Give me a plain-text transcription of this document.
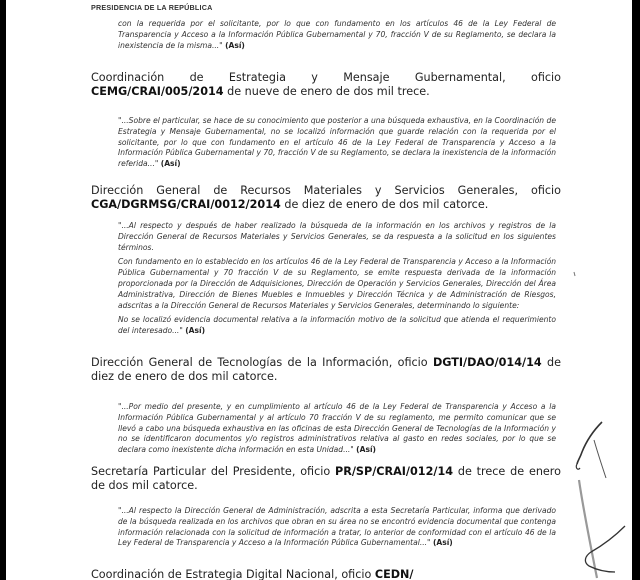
PRESIDENCIA DE LA REPÚBLICA

con la requerida por el solicitante, por lo que con fundamento en los artículos 46 de la Ley Federal de Transparencia y Acceso a la Información Pública Gubernamental y 70, fracción V de su Reglamento, se declara la inexistencia de la misma..." (Así)

Coordinación de Estrategia y Mensaje Gubernamental, oficio CEMG/CRAI/005/2014 de nueve de enero de dos mil trece.

"...Sobre el particular, se hace de su conocimiento que posterior a una búsqueda exhaustiva, en la Coordinación de Estrategia y Mensaje Gubernamental, no se localizó información que guarde relación con la requerida por el solicitante, por lo que con fundamento en el artículo 46 de la Ley Federal de Transparencia y Acceso a la Información Pública Gubernamental y 70, fracción V de su Reglamento, se declara la inexistencia de la información referida..." (Así)

Dirección General de Recursos Materiales y Servicios Generales, oficio
CGA/DGRMSG/CRAI/0012/2014 de diez de enero de dos mil catorce.

"...Al respecto y después de haber realizado la búsqueda de la información en los archivos y registros de la Dirección General de Recursos Materiales y Servicios Generales, se da respuesta a la solicitud en los siguientes términos.

Con fundamento en lo establecido en los artículos 46 de la Ley Federal de Transparencia y Acceso a la Información Pública Gubernamental y 70 fracción V de su Reglamento, se emite respuesta derivada de la información proporcionada por la Dirección de Adquisiciones, Dirección de Operación y Servicios Generales, Dirección del Área Administrativa, Dirección de Bienes Muebles e Inmuebles y Dirección Técnica y de Administración de Riesgos, adscritas a la Dirección General de Recursos Materiales y Servicios Generales, determinando lo siguiente:

No se localizó evidencia documental relativa a la información motivo de la solicitud que atienda el requerimiento del interesado..." (Así)

Dirección General de Tecnologías de la Información, oficio DGTI/DAO/014/14 de diez de enero de dos mil catorce.

"...Por medio del presente, y en cumplimiento al artículo 46 de la Ley Federal de Transparencia y Acceso a la Información Pública Gubernamental y al artículo 70 fracción V de su reglamento, me permito comunicar que se llevó a cabo una búsqueda exhaustiva en las oficinas de esta Dirección General de Tecnologías de la Información y no se identificaron documentos y/o registros administrativos relativa al gasto en redes sociales, por lo que se declara como inexistente dicha información en esta Unidad..." (Así)

Secretaría Particular del Presidente, oficio PR/SP/CRAI/012/14 de trece de enero de dos mil catorce.

"...Al respecto la Dirección General de Administración, adscrita a esta Secretaría Particular, informa que derivado de la búsqueda realizada en los archivos que obran en su área no se encontró evidencia documental que contenga información relacionada con la solicitud de información a tratar, lo anterior de conformidad con el artículo 46 de la Ley Federal de Transparencia y Acceso a la Información Pública Gubernamental..." (Así)

Coordinación de Estrategia Digital Nacional, oficio CEDN/
